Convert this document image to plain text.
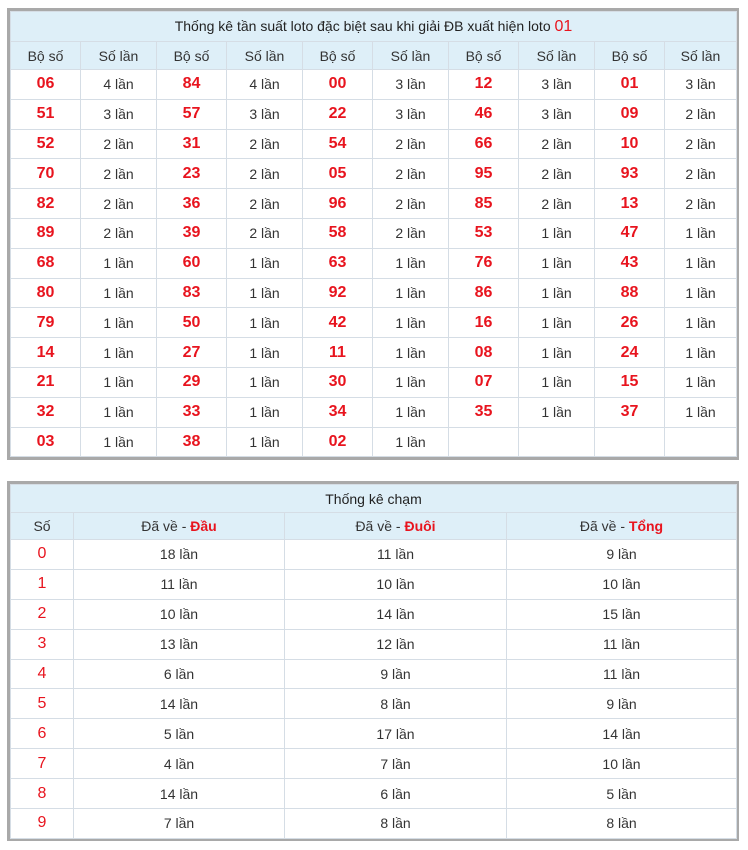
Thống kê tần suất loto đặc biệt sau khi giải ĐB xuất hiện loto 01									
Bộ số	Số lần	Bộ số	Số lần	Bộ số	Số lần	Bộ số	Số lần	Bộ số	Số lần
06	4 lần	84	4 lần	00	3 lần	12	3 lần	01	3 lần
51	3 lần	57	3 lần	22	3 lần	46	3 lần	09	2 lần
52	2 lần	31	2 lần	54	2 lần	66	2 lần	10	2 lần
70	2 lần	23	2 lần	05	2 lần	95	2 lần	93	2 lần
82	2 lần	36	2 lần	96	2 lần	85	2 lần	13	2 lần
89	2 lần	39	2 lần	58	2 lần	53	1 lần	47	1 lần
68	1 lần	60	1 lần	63	1 lần	76	1 lần	43	1 lần
80	1 lần	83	1 lần	92	1 lần	86	1 lần	88	1 lần
79	1 lần	50	1 lần	42	1 lần	16	1 lần	26	1 lần
14	1 lần	27	1 lần	11	1 lần	08	1 lần	24	1 lần
21	1 lần	29	1 lần	30	1 lần	07	1 lần	15	1 lần
32	1 lần	33	1 lần	34	1 lần	35	1 lần	37	1 lần
03	1 lần	38	1 lần	02	1 lần				
Thống kê chạm			
Số	Đã về - Đầu	Đã về - Đuôi	Đã về - Tổng
0	18 lần	11 lần	9 lần
1	11 lần	10 lần	10 lần
2	10 lần	14 lần	15 lần
3	13 lần	12 lần	11 lần
4	6 lần	9 lần	11 lần
5	14 lần	8 lần	9 lần
6	5 lần	17 lần	14 lần
7	4 lần	7 lần	10 lần
8	14 lần	6 lần	5 lần
9	7 lần	8 lần	8 lần
